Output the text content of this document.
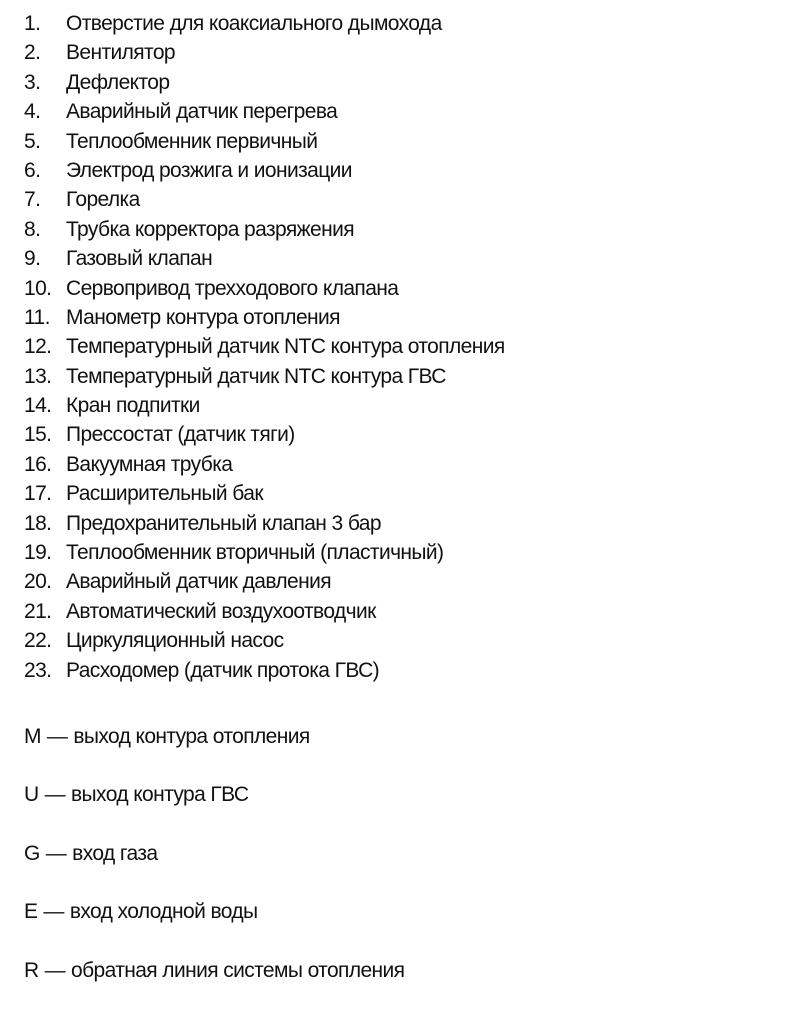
1.	Отверстие для коаксиального дымохода
2.	Вентилятор
3.	Дефлектор
4.	Аварийный датчик перегрева
5.	Теплообменник первичный
6.	Электрод розжига и ионизации
7.	Горелка
8.	Трубка корректора разряжения
9.	Газовый клапан
10. Сервопривод трехходового клапана
11. Манометр контура отопления
12. Температурный датчик NTC контура отопления
13. Температурный датчик NTC контура ГВС
14. Кран подпитки
15. Прессостат (датчик тяги)
16. Вакуумная трубка
17. Расширительный бак
18. Предохранительный клапан 3 бар
19. Теплообменник вторичный (пластичный)
20. Аварийный датчик давления
21. Автоматический воздухоотводчик
22. Циркуляционный насос
23. Расходомер (датчик протока ГВС)
M — выход контура отопления
U — выход контура ГВС
G — вход газа
E — вход холодной воды
R — обратная линия системы отопления
